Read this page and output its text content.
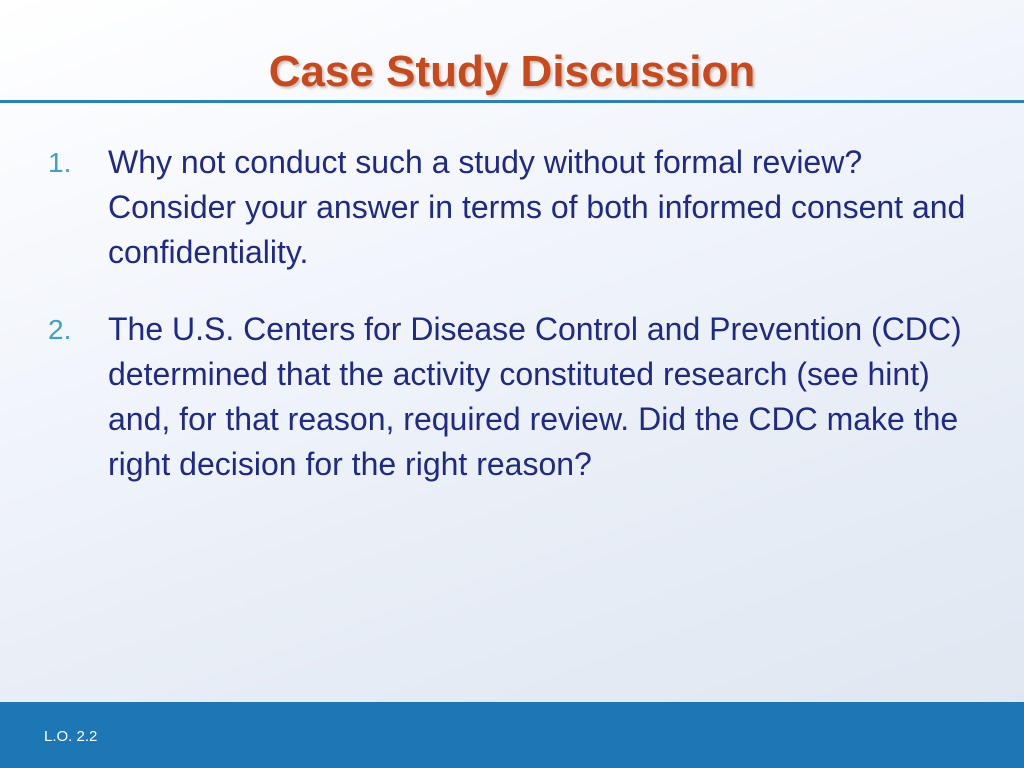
Case Study Discussion
1. Why not conduct such a study without formal review? Consider your answer in terms of both informed consent and confidentiality.
2. The U.S. Centers for Disease Control and Prevention (CDC) determined that the activity constituted research (see hint) and, for that reason, required review. Did the CDC make the right decision for the right reason?
L.O. 2.2
